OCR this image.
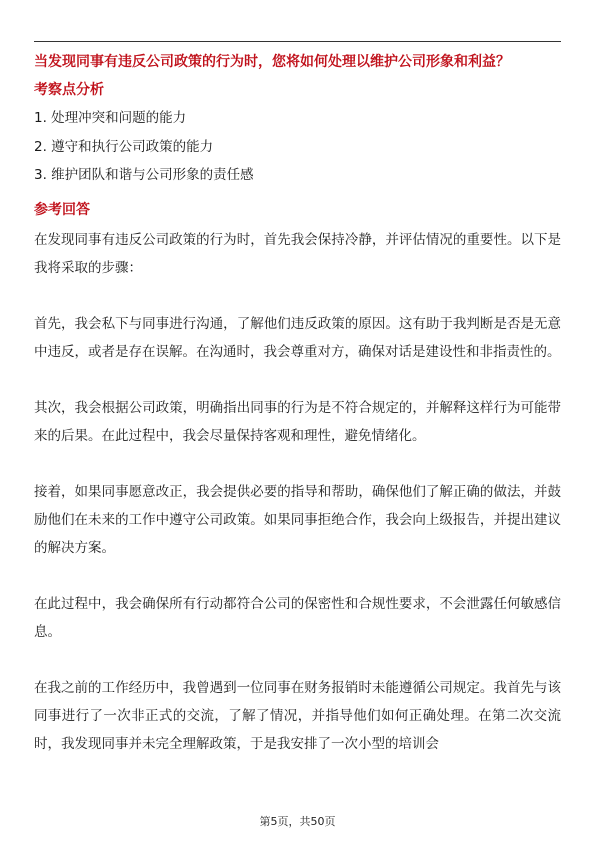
当发现同事有违反公司政策的行为时，您将如何处理以维护公司形象和利益？
考察点分析
1. 处理冲突和问题的能力
2. 遵守和执行公司政策的能力
3. 维护团队和谐与公司形象的责任感
参考回答

在发现同事有违反公司政策的行为时，首先我会保持冷静，并评估情况的重要性。以下是我将采取的步骤：

首先，我会私下与同事进行沟通，了解他们违反政策的原因。这有助于我判断是否是无意中违反，或者是存在误解。在沟通时，我会尊重对方，确保对话是建设性和非指责性的。

其次，我会根据公司政策，明确指出同事的行为是不符合规定的，并解释这样行为可能带来的后果。在此过程中，我会尽量保持客观和理性，避免情绪化。

接着，如果同事愿意改正，我会提供必要的指导和帮助，确保他们了解正确的做法，并鼓励他们在未来的工作中遵守公司政策。如果同事拒绝合作，我会向上级报告，并提出建议的解决方案。

在此过程中，我会确保所有行动都符合公司的保密性和合规性要求，不会泄露任何敏感信息。

在我之前的工作经历中，我曾遇到一位同事在财务报销时未能遵循公司规定。我首先与该同事进行了一次非正式的交流，了解了情况，并指导他们如何正确处理。在第二次交流时，我发现同事并未完全理解政策，于是我安排了一次小型的培训会

第5页，共50页
